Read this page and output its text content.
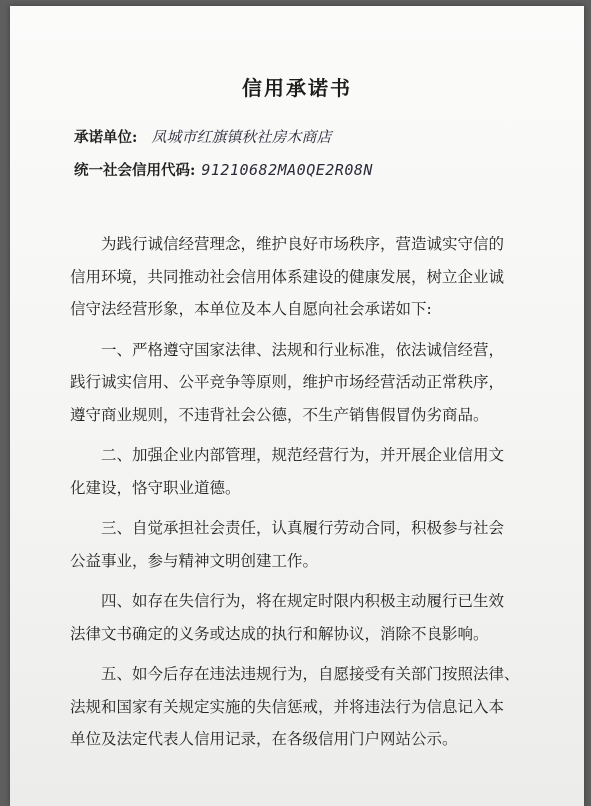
信用承诺书
承诺单位: 凤城市红旗镇秋社房木商店
统一社会信用代码: 91210682MA0QE2R08N

为践行诚信经营理念，维护良好市场秩序，营造诚实守信的
信用环境，共同推动社会信用体系建设的健康发展，树立企业诚
信守法经营形象，本单位及本人自愿向社会承诺如下:

一、严格遵守国家法律、法规和行业标准，依法诚信经营，
践行诚实信用、公平竞争等原则，维护市场经营活动正常秩序，
遵守商业规则，不违背社会公德，不生产销售假冒伪劣商品。

二、加强企业内部管理，规范经营行为，并开展企业信用文
化建设，恪守职业道德。

三、自觉承担社会责任，认真履行劳动合同，积极参与社会
公益事业，参与精神文明创建工作。

四、如存在失信行为，将在规定时限内积极主动履行已生效
法律文书确定的义务或达成的执行和解协议，消除不良影响。

五、如今后存在违法违规行为，自愿接受有关部门按照法律、
法规和国家有关规定实施的失信惩戒，并将违法行为信息记入本
单位及法定代表人信用记录，在各级信用门户网站公示。
